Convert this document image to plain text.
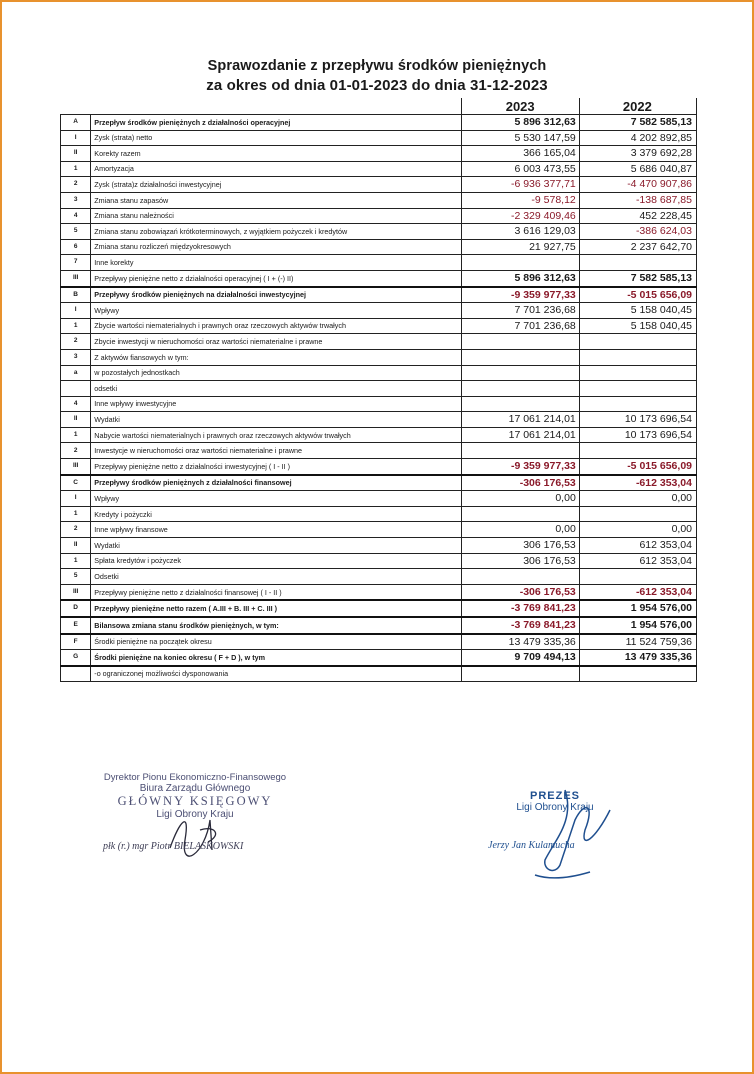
Sprawozdanie z przepływu środków pieniężnych
za okres od dnia 01-01-2023 do dnia 31-12-2023
		2023	2022
A	Przepływ środków pieniężnych z działalności operacyjnej	5 896 312,63	7 582 585,13
I	Zysk (strata) netto	5 530 147,59	4 202 892,85
II	Korekty razem	366 165,04	3 379 692,28
1	Amortyzacja	6 003 473,55	5 686 040,87
2	Zysk (strata)z działalności inwestycyjnej	-6 936 377,71	-4 470 907,86
3	Zmiana stanu zapasów	-9 578,12	-138 687,85
4	Zmiana stanu należności	-2 329 409,46	452 228,45
5	Zmiana stanu zobowiązań krótkoterminowych, z wyjątkiem pożyczek i kredytów	3 616 129,03	-386 624,03
6	Zmiana stanu rozliczeń międzyokresowych	21 927,75	2 237 642,70
7	Inne korekty		
III	Przepływy pieniężne netto z działalności operacyjnej ( I + (-) II)	5 896 312,63	7 582 585,13
B	Przepływy środków pieniężnych na działalności inwestycyjnej	-9 359 977,33	-5 015 656,09
I	Wpływy	7 701 236,68	5 158 040,45
1	Zbycie wartości niematerialnych i prawnych oraz rzeczowych aktywów trwałych	7 701 236,68	5 158 040,45
2	Zbycie inwestycji w nieruchomości oraz wartości niematerialne i prawne		
3	Z aktywów fiansowych w tym:		
a	w pozostałych jednostkach		
	odsetki		
4	Inne wpływy inwestycyjne		
II	Wydatki	17 061 214,01	10 173 696,54
1	Nabycie wartości niematerialnych i prawnych oraz rzeczowych aktywów trwałych	17 061 214,01	10 173 696,54
2	Inwestycje w nieruchomości oraz wartości niematerialne i prawne		
III	Przepływy pieniężne netto z działalności inwestycyjnej ( I - II )	-9 359 977,33	-5 015 656,09
C	Przepływy środków pieniężnych z działalności finansowej	-306 176,53	-612 353,04
I	Wpływy	0,00	0,00
1	Kredyty i pożyczki		
2	Inne wpływy finansowe	0,00	0,00
II	Wydatki	306 176,53	612 353,04
1	Spłata kredytów i pożyczek	306 176,53	612 353,04
5	Odsetki		
III	Przepływy pieniężne netto z działalności finansowej ( I - II )	-306 176,53	-612 353,04
D	Przepływy pieniężne netto razem ( A.III + B. III + C. III )	-3 769 841,23	1 954 576,00
E	Bilansowa zmiana stanu środków pieniężnych, w tym:	-3 769 841,23	1 954 576,00
F	Środki pieniężne na początek okresu	13 479 335,36	11 524 759,36
G	Środki pieniężne na koniec okresu ( F + D ), w tym	9 709 494,13	13 479 335,36
	-o ograniczonej możliwości dysponowania		
Dyrektor Pionu Ekonomiczno-Finansowego
Biura Zarządu Głównego
GŁÓWNY KSIĘGOWY
Ligi Obrony Kraju
płk (r.) mgr Piotr BIELASKOWSKI
PREZES
Ligi Obrony Kraju
Jerzy Jan Kulamucha
